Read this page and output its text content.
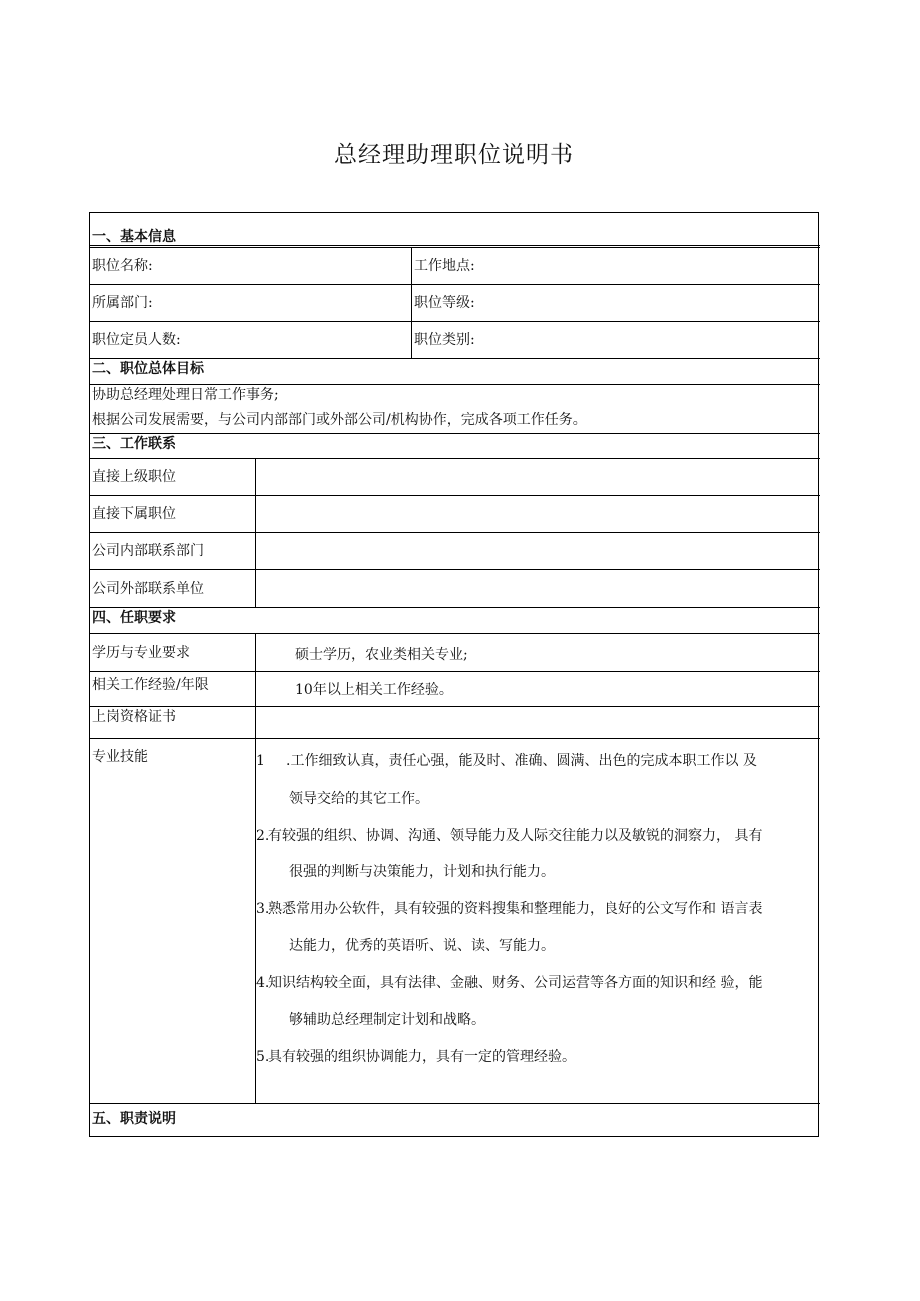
总经理助理职位说明书
一、基本信息
二、职位总体目标
三、工作联系
四、任职要求
五、职责说明
职位名称:	工作地点:
所属部门:	职位等级:
职位定员人数:	职位类别:
协助总经理处理日常工作事务;
根据公司发展需要，与公司内部部门或外部公司/机构协作，完成各项工作任务。
直接上级职位
直接下属职位
公司内部联系部门
公司外部联系单位
学历与专业要求	硕士学历，农业类相关专业;
相关工作经验/年限	10年以上相关工作经验。
上岗资格证书
专业技能	1 .工作细致认真，责任心强，能及时、准确、圆满、出色的完成本职工作以 及
领导交给的其它工作。
2.
有较强的组织、协调、沟通、领导能力及人际交往能力以及敏锐的洞察力， 具有
很强的判断与决策能力，计划和执行能力。
3.
熟悉常用办公软件，具有较强的资料搜集和整理能力，良好的公文写作和 语言表
达能力，优秀的英语听、说、读、写能力。
4.
知识结构较全面，具有法律、金融、财务、公司运营等各方面的知识和经 验，能
够辅助总经理制定计划和战略。
5.
具有较强的组织协调能力，具有一定的管理经验。
